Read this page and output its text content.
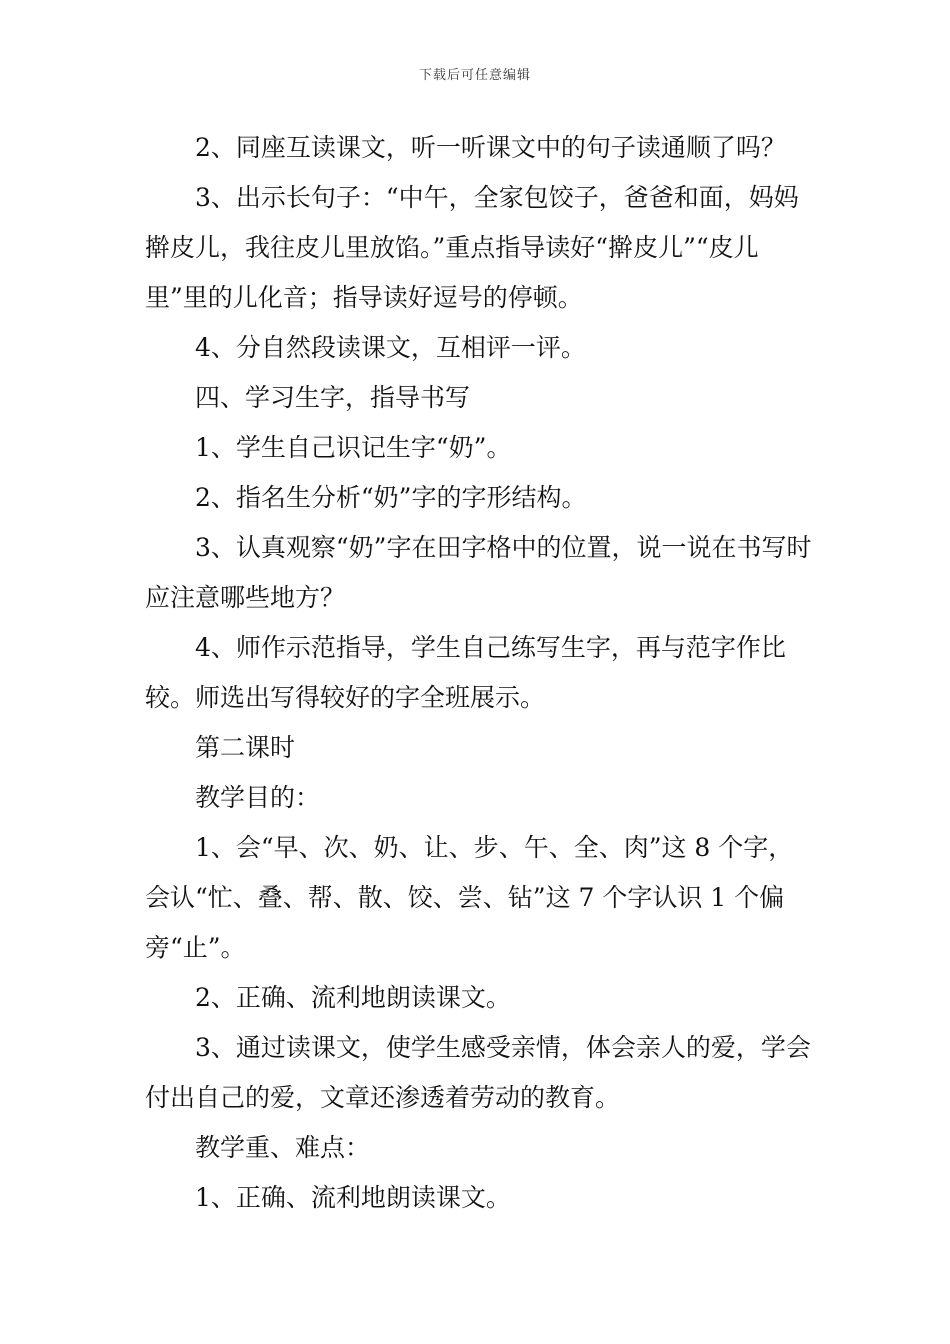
下载后可任意编辑

2、同座互读课文，听一听课文中的句子读通顺了吗？

3、出示长句子：“中午，全家包饺子，爸爸和面，妈妈擀皮儿，我往皮儿里放馅。”重点指导读好“擀皮儿”“皮儿里”里的儿化音；指导读好逗号的停顿。

4、分自然段读课文，互相评一评。

四、学习生字，指导书写

1、学生自己识记生字“奶”。

2、指名生分析“奶”字的字形结构。

3、认真观察“奶”字在田字格中的位置，说一说在书写时应注意哪些地方？

4、师作示范指导，学生自己练写生字，再与范字作比较。师选出写得较好的字全班展示。

第二课时

教学目的：

1、会“早、次、奶、让、步、午、全、肉”这 8 个字，会认“忙、叠、帮、散、饺、尝、钻”这 7 个字认识 1 个偏旁“止”。

2、正确、流利地朗读课文。

3、通过读课文，使学生感受亲情，体会亲人的爱，学会付出自己的爱，文章还渗透着劳动的教育。

教学重、难点：

1、正确、流利地朗读课文。
